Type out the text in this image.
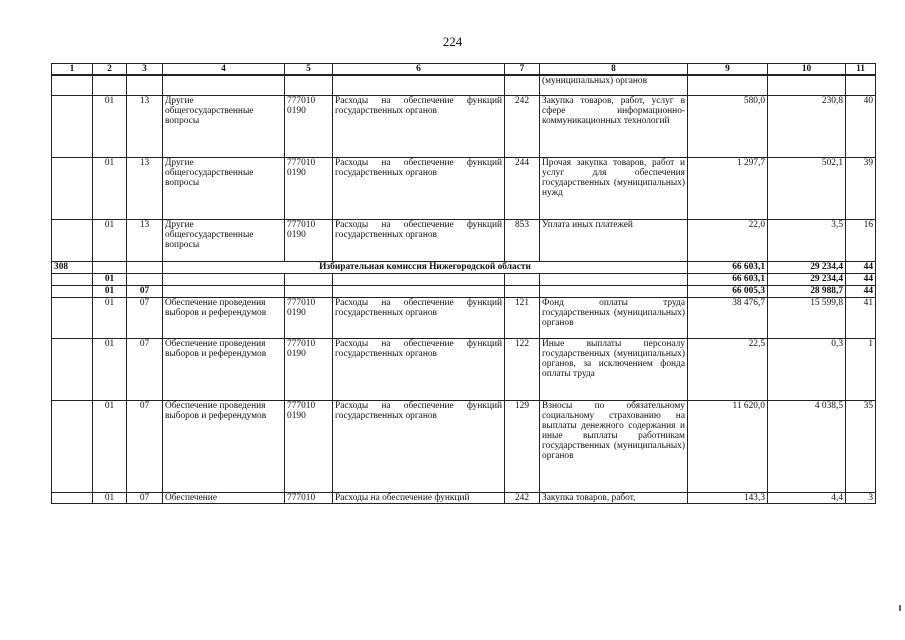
224
1	2	3	4	5	6	7	8	9	10	11
							(муниципальных) органов			
	01	13	Другие общегосударственные вопросы	777010 0190	Расходы на обеспечение функций государственных органов	242	Закупка товаров, работ, услуг в сфере информационно-коммуникационных технологий	580,0	230,8	40
	01	13	Другие общегосударственные вопросы	777010 0190	Расходы на обеспечение функций государственных органов	244	Прочая закупка товаров, работ и услуг для обеспечения государственных (муниципальных) нужд	1 297,7	502,1	39
	01	13	Другие общегосударственные вопросы	777010 0190	Расходы на обеспечение функций государственных органов	853	Уплата иных платежей	22,0	3,5	16
308			Избирательная комиссия Нижегородской области					66 603,1	29 234,4	44
	01							66 603,1	29 234,4	44
	01	07						66 005,3	28 988,7	44
	01	07	Обеспечение проведения выборов и референдумов	777010 0190	Расходы на обеспечение функций государственных органов	121	Фонд оплаты труда государственных (муниципальных) органов	38 476,7	15 599,8	41
	01	07	Обеспечение проведения выборов и референдумов	777010 0190	Расходы на обеспечение функций государственных органов	122	Иные выплаты персоналу государственных (муниципальных) органов, за исключением фонда оплаты труда	22,5	0,3	1
	01	07	Обеспечение проведения выборов и референдумов	777010 0190	Расходы на обеспечение функций государственных органов	129	Взносы по обязательному социальному страхованию на выплаты денежного содержания и иные выплаты работникам государственных (муниципальных) органов	11 620,0	4 038,5	35
	01	07	Обеспечение	777010	Расходы на обеспечение функций	242	Закупка товаров, работ,	143,3	4,4	3
